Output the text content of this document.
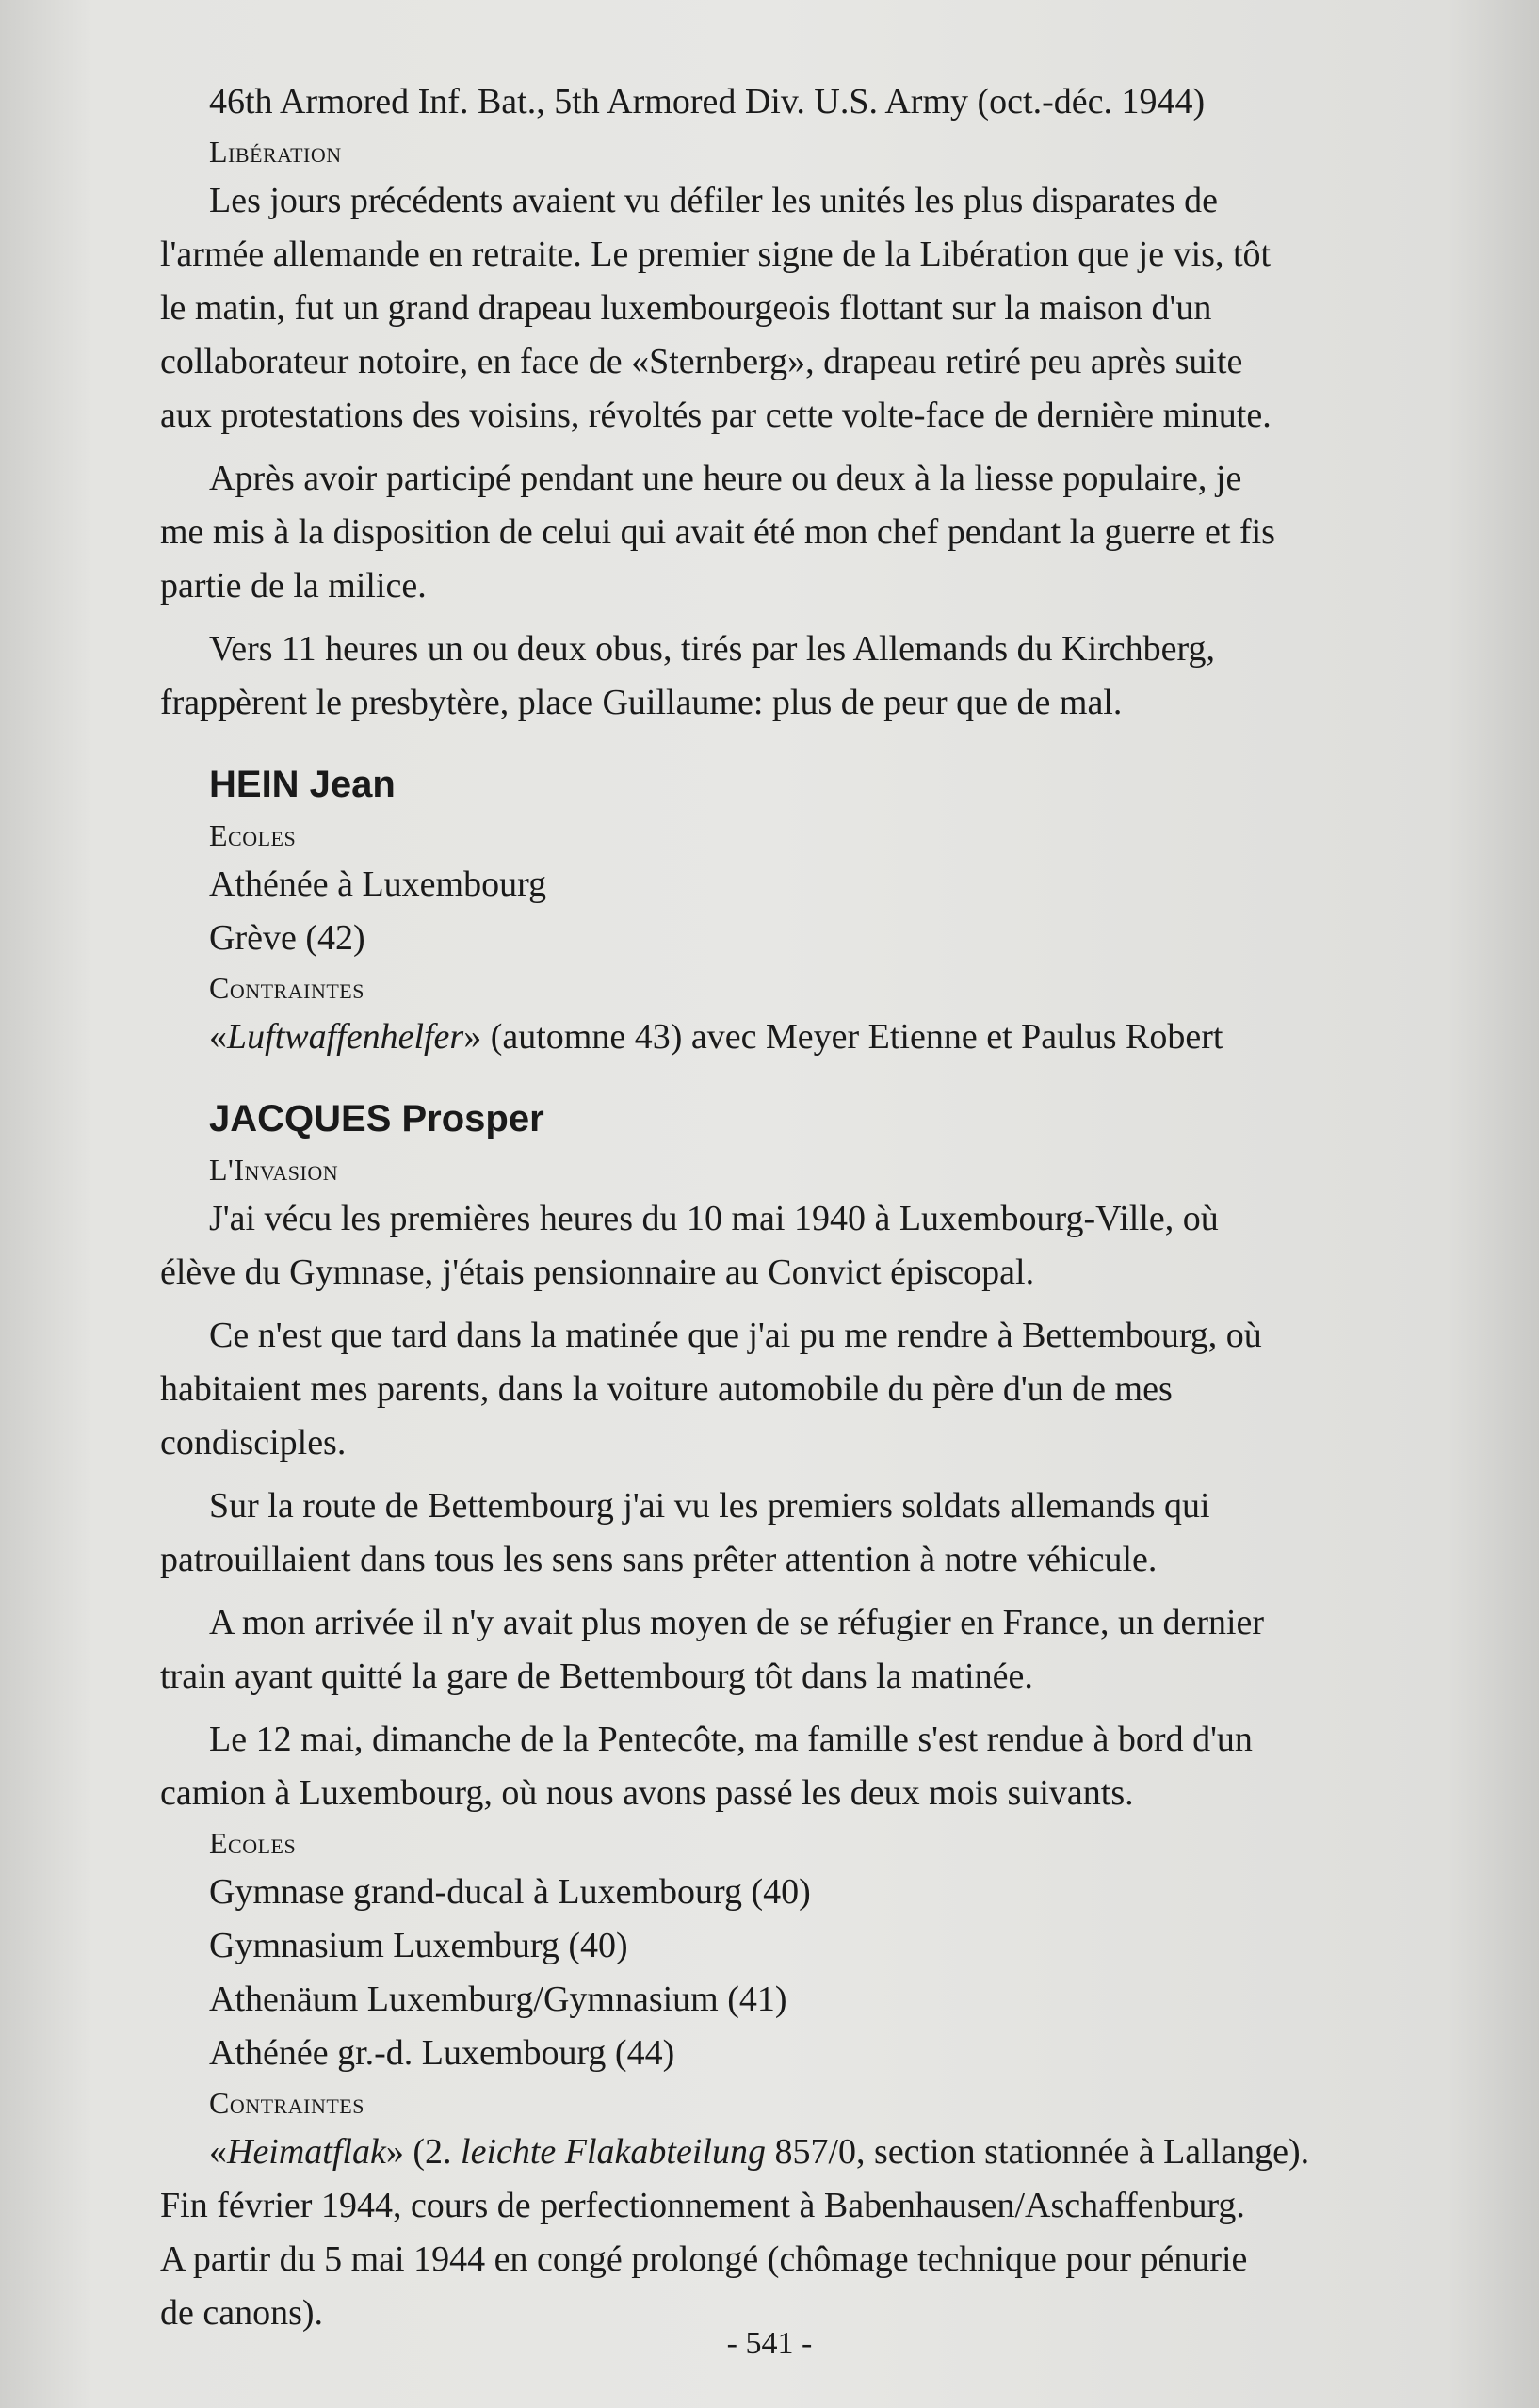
46th Armored Inf. Bat., 5th Armored Div. U.S. Army (oct.-déc. 1944)
Libération
Les jours précédents avaient vu défiler les unités les plus disparates de
l'armée allemande en retraite. Le premier signe de la Libération que je vis, tôt
le matin, fut un grand drapeau luxembourgeois flottant sur la maison d'un
collaborateur notoire, en face de «Sternberg», drapeau retiré peu après suite
aux protestations des voisins, révoltés par cette volte-face de dernière minute.
Après avoir participé pendant une heure ou deux à la liesse populaire, je
me mis à la disposition de celui qui avait été mon chef pendant la guerre et fis
partie de la milice.
Vers 11 heures un ou deux obus, tirés par les Allemands du Kirchberg,
frappèrent le presbytère, place Guillaume: plus de peur que de mal.
HEIN Jean
Ecoles
Athénée à Luxembourg
Grève (42)
Contraintes
«Luftwaffenhelfer» (automne 43) avec Meyer Etienne et Paulus Robert
JACQUES Prosper
L'Invasion
J'ai vécu les premières heures du 10 mai 1940 à Luxembourg-Ville, où
élève du Gymnase, j'étais pensionnaire au Convict épiscopal.
Ce n'est que tard dans la matinée que j'ai pu me rendre à Bettembourg, où
habitaient mes parents, dans la voiture automobile du père d'un de mes
condisciples.
Sur la route de Bettembourg j'ai vu les premiers soldats allemands qui
patrouillaient dans tous les sens sans prêter attention à notre véhicule.
A mon arrivée il n'y avait plus moyen de se réfugier en France, un dernier
train ayant quitté la gare de Bettembourg tôt dans la matinée.
Le 12 mai, dimanche de la Pentecôte, ma famille s'est rendue à bord d'un
camion à Luxembourg, où nous avons passé les deux mois suivants.
Ecoles
Gymnase grand-ducal à Luxembourg (40)
Gymnasium Luxemburg (40)
Athenäum Luxemburg/Gymnasium (41)
Athénée gr.-d. Luxembourg (44)
Contraintes
«Heimatflak» (2. leichte Flakabteilung 857/0, section stationnée à Lallange).
Fin février 1944, cours de perfectionnement à Babenhausen/Aschaffenburg.
A partir du 5 mai 1944 en congé prolongé (chômage technique pour pénurie
de canons).
- 541 -
